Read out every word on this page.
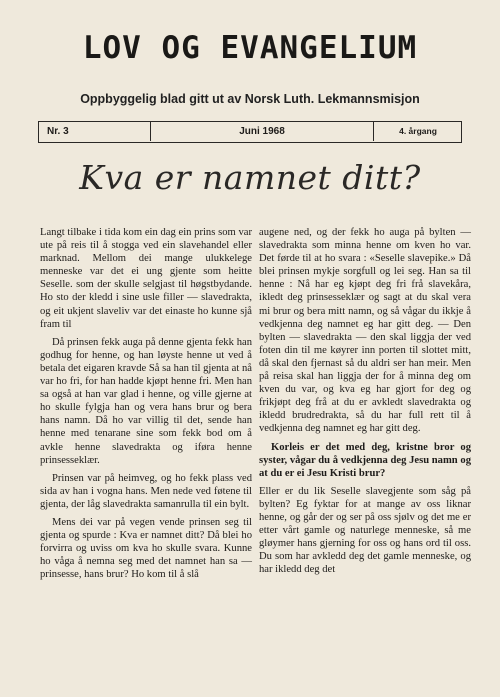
LOV OG EVANGELIUM
Oppbyggelig blad gitt ut av Norsk Luth. Lekmannsmisjon
Nr. 3	Juni 1968	4. årgang
Kva er namnet ditt?

Langt tilbake i tida kom ein dag ein prins som var ute på reis til å stogga ved ein slavehandel eller marknad. Mellom dei mange ulukkelege menneske var det ei ung gjente som heitte Seselle. som der skulle selgjast til høgstbydande. Ho sto der kledd i sine usle filler — slavedrakta, og eit ukjent slaveliv var det einaste ho kunne sjå fram til

Då prinsen fekk auga på denne gjenta fekk han godhug for henne, og han løyste henne ut ved å betala det eigaren kravde Så sa han til gjenta at nå var ho fri, for han hadde kjøpt henne fri. Men han sa også at han var glad i henne, og ville gjerne at ho skulle fylgja han og vera hans brur og bera hans namn. Då ho var villig til det, sende han henne med tenarane sine som fekk bod om å avkle henne slavedrakta og iføra henne prinsesseklær.

Prinsen var på heimveg, og ho fekk plass ved sida av han i vogna hans. Men nede ved føtene til gjenta, der låg slavedrakta samanrulla til ein bylt.

Mens dei var på vegen vende prinsen seg til gjenta og spurde : Kva er namnet ditt? Då blei ho forvirra og uviss om kva ho skulle svara. Kunne ho våga å nemna seg med det namnet han sa — prinsesse, hans brur? Ho kom til å slå

augene ned, og der fekk ho auga på bylten — slavedrakta som minna henne om kven ho var. Det førde til at ho svara : «Seselle slavepike.» Då blei prinsen mykje sorgfull og lei seg. Han sa til henne : Nå har eg kjøpt deg fri frå slavekåra, ikledt deg prinsesseklær og sagt at du skal vera mi brur og bera mitt namn, og så vågar du ikkje å vedkjenna deg namnet eg har gitt deg. — Den bylten — slavedrakta — den skal liggja der ved foten din til me køyrer inn porten til slottet mitt, då skal den fjernast så du aldri ser han meir. Men på reisa skal han liggja der for å minna deg om kven du var, og kva eg har gjort for deg og frikjøpt deg frå at du er avkledt slavedrakta og ikledd brudredrakta, så du har full rett til å vedkjenna deg namnet eg har gitt deg.

Korleis er det med deg, kristne bror og syster, vågar du å vedkjenna deg Jesu namn og at du er ei Jesu Kristi brur?

Eller er du lik Seselle slavegjente som såg på bylten? Eg fyktar for at mange av oss liknar henne, og går der og ser på oss sjølv og det me er etter vårt gamle og naturlege menneske, så me gløymer hans gjerning for oss og hans ord til oss. Du som har avkledd deg det gamle menneske, og har ikledd deg det
